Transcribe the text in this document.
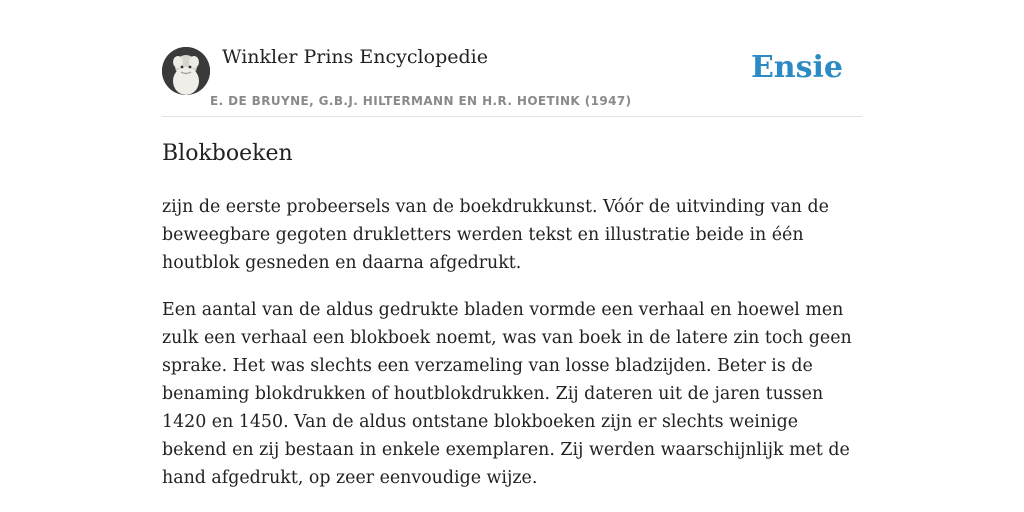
Winkler Prins Encyclopedie
E. DE BRUYNE, G.B.J. HILTERMANN EN H.R. HOETINK (1947)
Ensie
Blokboeken

zijn de eerste probeersels van de boekdrukkunst. Vóór de uitvinding van de beweegbare gegoten drukletters werden tekst en illustratie beide in één houtblok gesneden en daarna afgedrukt.

Een aantal van de aldus gedrukte bladen vormde een verhaal en hoewel men zulk een verhaal een blokboek noemt, was van boek in de latere zin toch geen sprake. Het was slechts een verzameling van losse bladzijden. Beter is de benaming blokdrukken of houtblokdrukken. Zij dateren uit de jaren tussen 1420 en 1450. Van de aldus ontstane blokboeken zijn er slechts weinige bekend en zij bestaan in enkele exemplaren. Zij werden waarschijnlijk met de hand afgedrukt, op zeer eenvoudige wijze.
